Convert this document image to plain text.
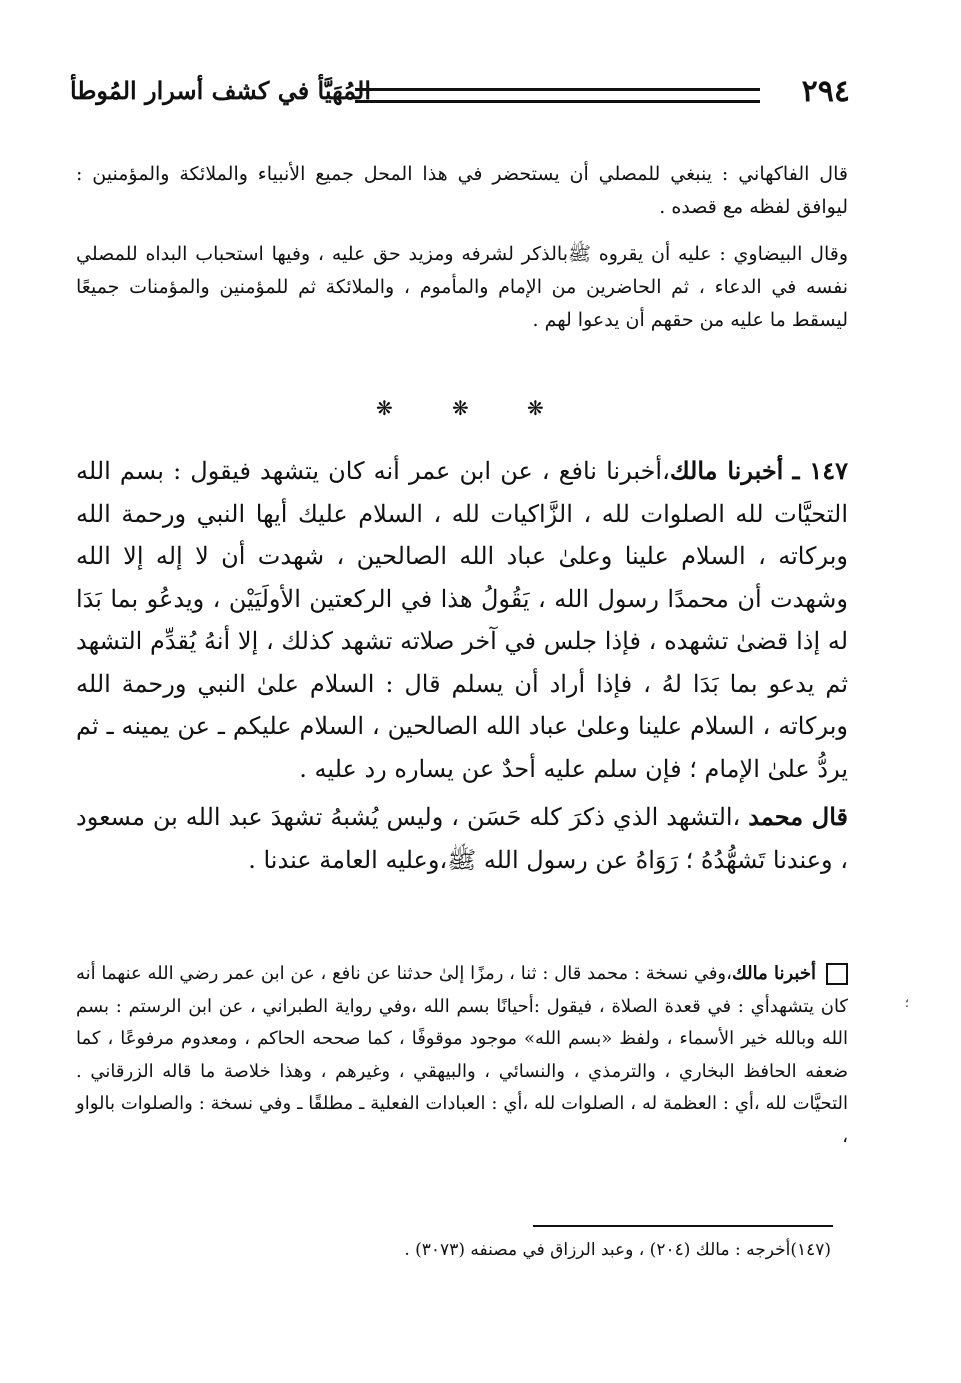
٢٩٤
المُهَيَّأ في كشف أسرار المُوطأ

قال الفاكهاني : ينبغي للمصلي أن يستحضر في هذا المحل جميع الأنبياء والملائكة والمؤمنين : ليوافق لفظه مع قصده .

وقال البيضاوي : عليه أن يقروه ﷺبالذكر لشرفه ومزيد حق عليه ، وفيها استحباب البداه للمصلي نفسه في الدعاء ، ثم الحاضرين من الإمام والمأموم ، والملائكة ثم للمؤمنين والمؤمنات جميعًا ليسقط ما عليه من حقهم أن يدعوا لهم .

❋	❋	❋

١٤٧ ـ أخبرنا مالك،أخبرنا نافع ، عن ابن عمر أنه كان يتشهد فيقول : بسم الله التحيَّات لله الصلوات لله ، الزَّاكيات لله ، السلام عليك أيها النبي ورحمة الله وبركاته ، السلام علينا وعلىٰ عباد الله الصالحين ، شهدت أن لا إله إلا الله وشهدت أن محمدًا رسول الله ، يَقُولُ هذا في الركعتين الأولَيَيْن ، ويدعُو بما بَدَا له إذا قضىٰ تشهده ، فإذا جلس في آخر صلاته تشهد كذلك ، إلا أنهُ يُقدِّم التشهد ثم يدعو بما بَدَا لهُ ، فإذا أراد أن يسلم قال : السلام علىٰ النبي ورحمة الله وبركاته ، السلام علينا وعلىٰ عباد الله الصالحين ، السلام عليكم ـ عن يمينه ـ ثم يردُّ علىٰ الإمام ؛ فإن سلم عليه أحدٌ عن يساره رد عليه .

قال محمد ،التشهد الذي ذكرَ كله حَسَن ، وليس يُشبهُ تشهدَ عبد الله بن مسعود ، وعندنا تَشهُّدُهُ ؛ رَوَاهُ عن رسول الله ﷺ،وعليه العامة عندنا .

أخبرنا مالك،وفي نسخة : محمد قال : ثنا ، رمزًا إلىٰ حدثنا عن نافع ، عن ابن عمر رضي الله عنهما أنه كان يتشهدأي : في قعدة الصلاة ، فيقول :أحيانًا بسم الله ،وفي رواية الطبراني ، عن ابن الرستم : بسم الله وبالله خير الأسماء ، ولفظ «بسم الله» موجود موقوفًا ، كما صححه الحاكم ، ومعدوم مرفوعًا ، كما ضعفه الحافظ البخاري ، والترمذي ، والنسائي ، والبيهقي ، وغيرهم ، وهذا خلاصة ما قاله الزرقاني . التحيَّات لله ،أي : العظمة له ، الصلوات لله ،أي : العبادات الفعلية ـ مطلقًا ـ وفي نسخة : والصلوات بالواو ،

؛
(١٤٧)أخرجه : مالك (٢٠٤) ، وعبد الرزاق في مصنفه (٣٠٧٣) .
